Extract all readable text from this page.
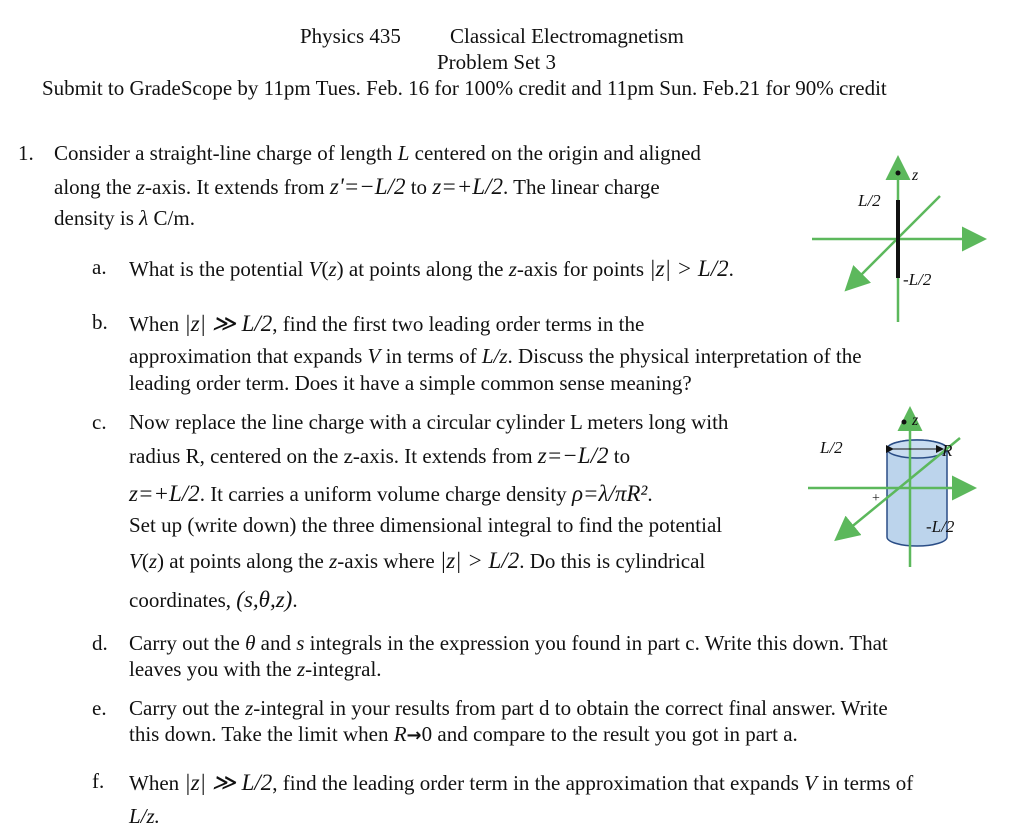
Physics 435 Classical Electromagnetism
Problem Set 3
Submit to GradeScope by 11pm Tues. Feb. 16 for 100% credit and 11pm Sun. Feb.21 for 90% credit
1. Consider a straight-line charge of length L centered on the origin and aligned
along the z-axis. It extends from z'=−L/2 to z=+L/2. The linear charge
density is λ C/m.
a. What is the potential V(z) at points along the z-axis for points |z| > L/2.
b. When |z| ≫ L/2, find the first two leading order terms in the
approximation that expands V in terms of L/z. Discuss the physical interpretation of the
leading order term. Does it have a simple common sense meaning?
c. Now replace the line charge with a circular cylinder L meters long with
radius R, centered on the z-axis. It extends from z=−L/2 to
z=+L/2. It carries a uniform volume charge density ρ=λ/πR².
Set up (write down) the three dimensional integral to find the potential
V(z) at points along the z-axis where |z| > L/2. Do this is cylindrical
coordinates, (s,θ,z).
d. Carry out the θ and s integrals in the expression you found in part c. Write this down. That
leaves you with the z-integral.
e. Carry out the z-integral in your results from part d to obtain the correct final answer. Write
this down. Take the limit when R→0 and compare to the result you got in part a.
f. When |z| ≫ L/2, find the leading order term in the approximation that expands V in terms of
L/z.
z
L/2
-L/2
+
z
L/2	R
-L/2
